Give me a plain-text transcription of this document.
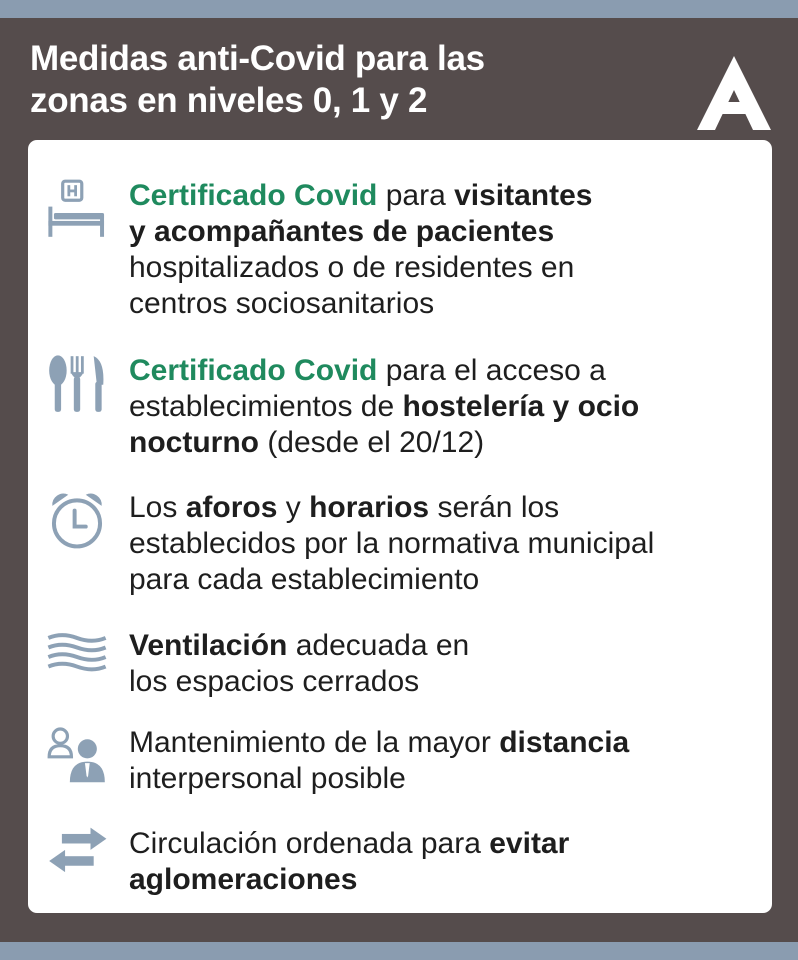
Medidas anti-Covid para las
zonas en niveles 0, 1 y 2
Certificado Covid para visitantes
y acompañantes de pacientes
hospitalizados o de residentes en
centros sociosanitarios
Certificado Covid para el acceso a
establecimientos de hostelería y ocio
nocturno (desde el 20/12)
Los aforos y horarios serán los
establecidos por la normativa municipal
para cada establecimiento
Ventilación adecuada en
los espacios cerrados
Mantenimiento de la mayor distancia
interpersonal posible
Circulación ordenada para evitar
aglomeraciones
